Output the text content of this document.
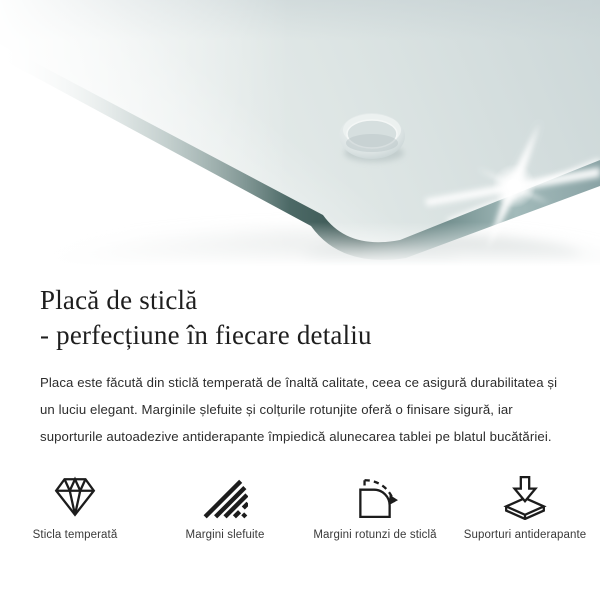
Placă de sticlă
- perfecțiune în fiecare detaliu

Placa este făcută din sticlă temperată de înaltă calitate, ceea ce asigură durabilitatea și un luciu elegant. Marginile șlefuite și colțurile rotunjite oferă o finisare sigură, iar suporturile autoadezive antiderapante împiedică alunecarea tablei pe blatul bucătăriei.

Sticla temperată	Margini slefuite	Margini rotunzi de sticlă Suporturi antiderapante
